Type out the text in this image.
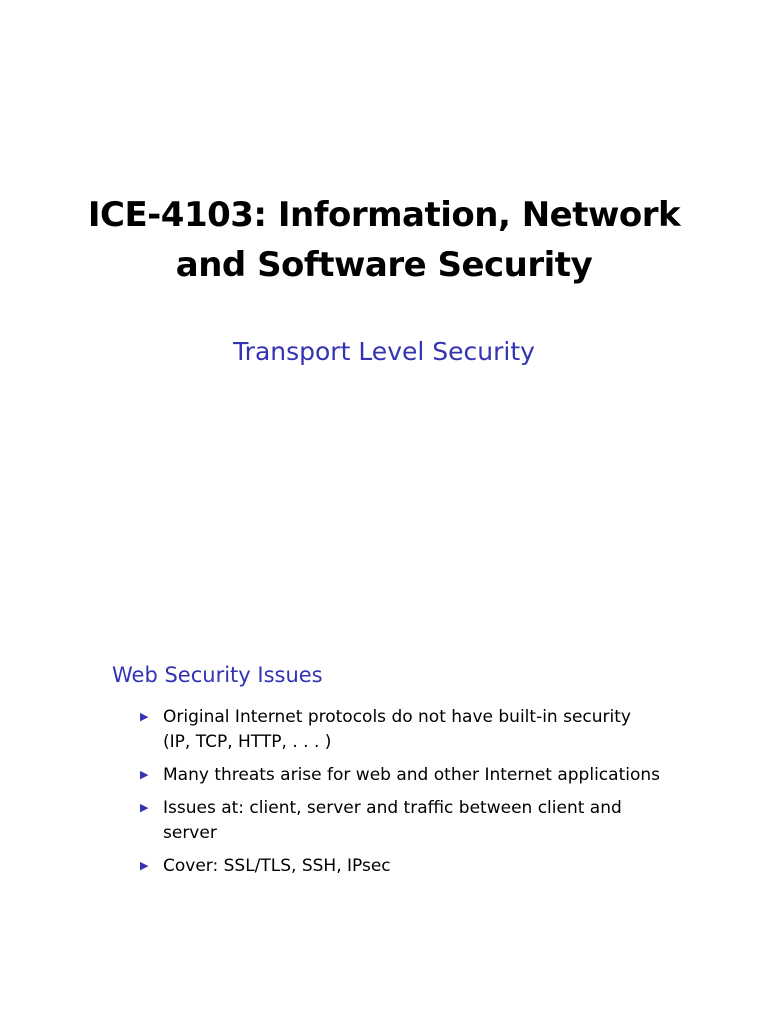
ICE-4103: Information, Network
and Software Security
Transport Level Security
Web Security Issues
▶ Original Internet protocols do not have built-in security (IP, TCP, HTTP, . . . )
▶ Many threats arise for web and other Internet applications
▶ Issues at: client, server and traffic between client and server
▶ Cover: SSL/TLS, SSH, IPsec
